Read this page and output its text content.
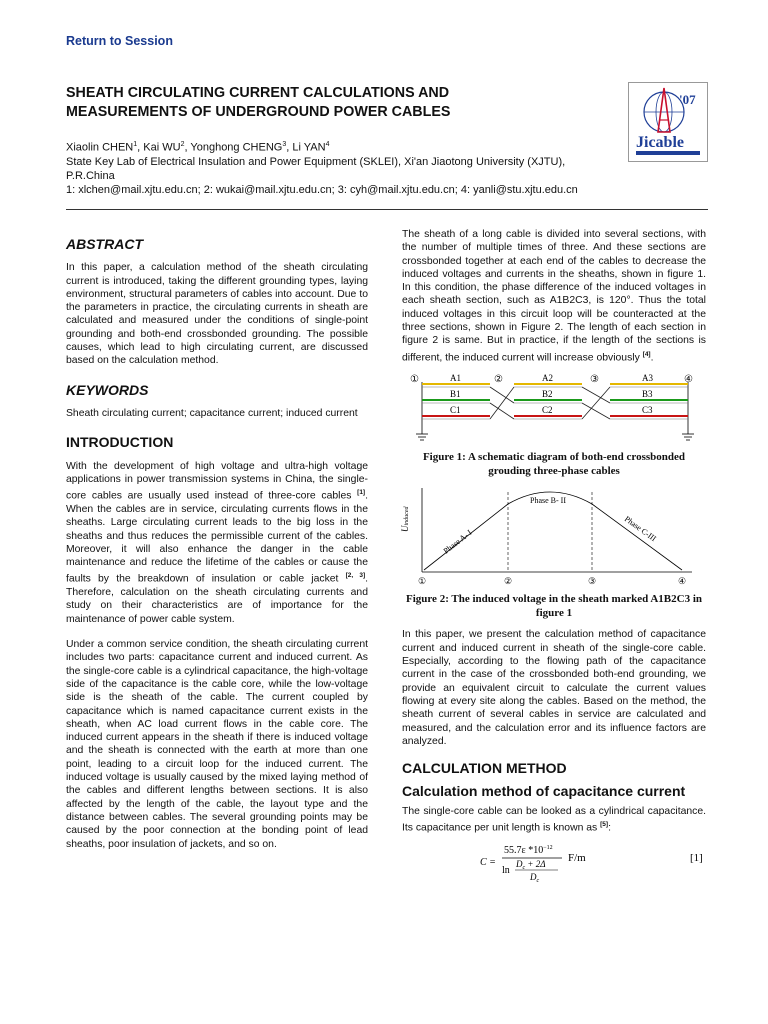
Return to Session
SHEATH CIRCULATING CURRENT CALCULATIONS AND
MEASUREMENTS OF UNDERGROUND POWER CABLES
'07
Jicable
Xiaolin CHEN$^1$, Kai $WU^2$, Yonghong CHENG$^3$, Li YAN$^4$
State Key Lab of Electrical Insulation and Power Equipment (SKLEI), Xi'an Jiaotong University (XJTU), P.R.China
1: xlchen@mail.xjtu.edu.cn; 2: wukai@mail.xjtu.edu.cn; 3: cyh@mail.xjtu.edu.cn; 4: yanli@stu.xjtu.edu.cn
ABSTRACT

In this paper, a calculation method of the sheath circulating current is introduced, taking the different grounding types, laying environment, structural parameters of cables into account. Due to the parameters in practice, the circulating currents in sheath are calculated and measured under the conditions of single-point grounding and both-end crossbonded grounding. The possible causes, which lead to high circulating current, are discussed based on the calculation method.

KEYWORDS

Sheath circulating current; capacitance current; induced current

INTRODUCTION

With the development of high voltage and ultra-high voltage applications in power transmission systems in China, the single-core cables are usually used instead of three-core cables [1]. When the cables are in service, circulating currents flows in the sheaths. Large circulating current leads to the big loss in the sheaths and thus reduces the permissible current of the cables. Moreover, it will also enhance the danger in the cable maintenance and reduce the lifetime of the cables or cause the faults by the breakdown of insulation or cable jacket [2, 3]. Therefore, calculation on the sheath circulating currents and study on their characteristics are of importance for the maintenance of power cable system.

Under a common service condition, the sheath circulating current includes two parts: capacitance current and induced current. As the single-core cable is a cylindrical capacitance, the high-voltage side of the capacitance is the cable core, while the low-voltage side is the sheath of the cable. The current coupled by capacitance which is named capacitance current exists in the sheath, when AC load current flows in the cable core. The induced current appears in the sheath if there is induced voltage and the sheath is connected with the earth at more than one point, leading to a circuit loop for the induced current. The induced voltage is usually caused by the mixed laying method of the cables and different lengths between sections. It is also affected by the length of the cable, the layout type and the distance between cables. The several grounding points may be caused by the poor connection at the bonding point of lead sheaths, poor insulation of jackets, and so on.

The sheath of a long cable is divided into several sections, with the number of multiple times of three. And these sections are crossbonded together at each end of the cables to decrease the induced voltages and currents in the sheaths, shown in figure 1. In this condition, the phase difference of the induced voltages in each sheath section, such as A1B2C3, is 120°. Thus the total induced voltages in this circuit loop will be counteracted at the three sections, shown in Figure 2. The length of each section in figure 2 is same. But in practice, if the length of the sections is different, the induced current will increase obviously [4].

①	②	③	④
A1
B1
C1
A2
B2
C2
A3
B3
C3
Figure 1: A schematic diagram of both-end crossbonded grouding three-phase cables
Uinduced
Phase A- I
Phase B- II
Phase C-III
①	②	③	④
Figure 2: The induced voltage in the sheath marked A1B2C3 in figure 1

In this paper, we present the calculation method of capacitance current and induced current in sheath of the single-core cable. Especially, according to the flowing path of the capacitance current in the case of the crossbonded both-end grounding, we provide an equivalent circuit to calculate the current values flowing at every site along the cables. Based on the method, the sheath current of several cables in service are calculated and measured, and the calculation error and its influence factors are analyzed.

CALCULATION METHOD
Calculation method of capacitance current

The single-core cable can be looked as a cylindrical capacitance. Its capacitance per unit length is known as [5]:

C =
55.7ε $*10^{-12}$
ln
$D_c + 2\Delta$
$D_c$
F/m	[1]
